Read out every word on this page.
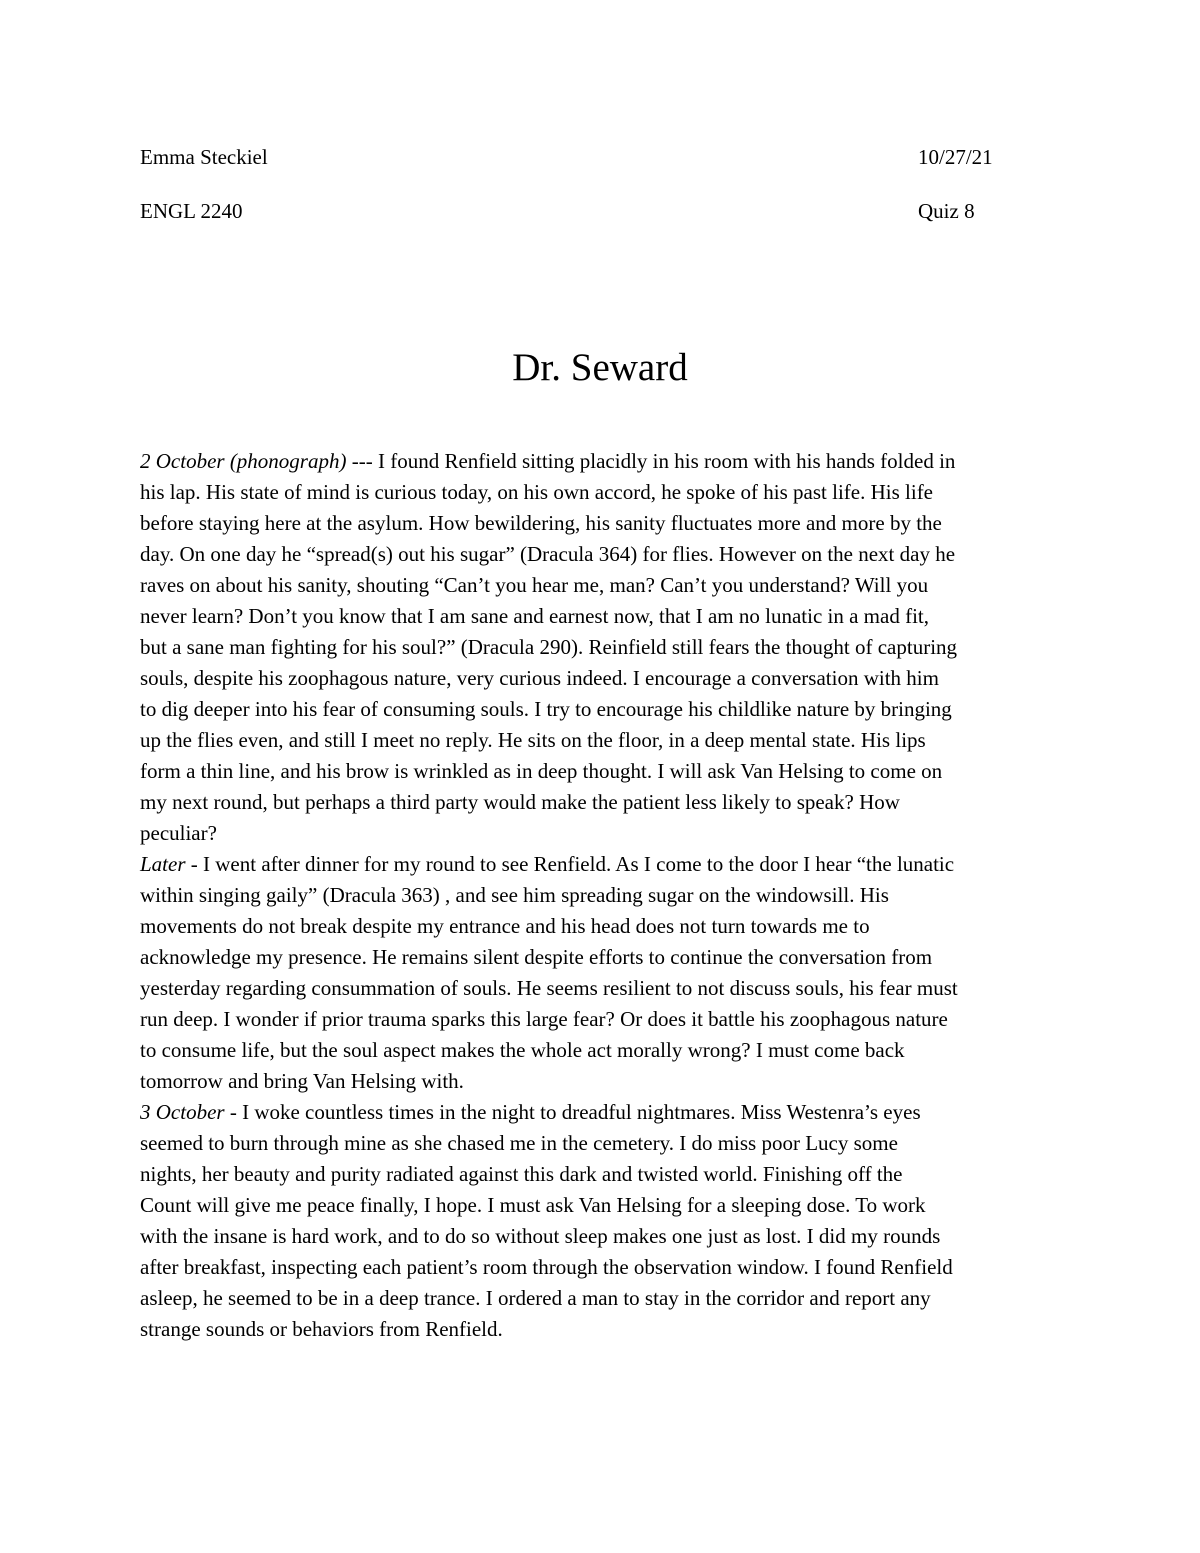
Emma Steckiel	10/27/21
ENGL 2240	Quiz 8
Dr. Seward
2 October (phonograph) --- I found Renfield sitting placidly in his room with his hands folded in
his lap. His state of mind is curious today, on his own accord, he spoke of his past life. His life
before staying here at the asylum. How bewildering, his sanity fluctuates more and more by the
day. On one day he “spread(s) out his sugar” (Dracula 364) for flies. However on the next day he
raves on about his sanity, shouting “Can’t you hear me, man? Can’t you understand? Will you
never learn? Don’t you know that I am sane and earnest now, that I am no lunatic in a mad fit,
but a sane man fighting for his soul?” (Dracula 290). Reinfield still fears the thought of capturing
souls, despite his zoophagous nature, very curious indeed. I encourage a conversation with him
to dig deeper into his fear of consuming souls. I try to encourage his childlike nature by bringing
up the flies even, and still I meet no reply. He sits on the floor, in a deep mental state. His lips
form a thin line, and his brow is wrinkled as in deep thought. I will ask Van Helsing to come on
my next round, but perhaps a third party would make the patient less likely to speak? How
peculiar?
Later - I went after dinner for my round to see Renfield. As I come to the door I hear “the lunatic
within singing gaily” (Dracula 363) , and see him spreading sugar on the windowsill. His
movements do not break despite my entrance and his head does not turn towards me to
acknowledge my presence. He remains silent despite efforts to continue the conversation from
yesterday regarding consummation of souls. He seems resilient to not discuss souls, his fear must
run deep. I wonder if prior trauma sparks this large fear? Or does it battle his zoophagous nature
to consume life, but the soul aspect makes the whole act morally wrong? I must come back
tomorrow and bring Van Helsing with.
3 October - I woke countless times in the night to dreadful nightmares. Miss Westenra’s eyes
seemed to burn through mine as she chased me in the cemetery. I do miss poor Lucy some
nights, her beauty and purity radiated against this dark and twisted world. Finishing off the
Count will give me peace finally, I hope. I must ask Van Helsing for a sleeping dose. To work
with the insane is hard work, and to do so without sleep makes one just as lost. I did my rounds
after breakfast, inspecting each patient’s room through the observation window. I found Renfield
asleep, he seemed to be in a deep trance. I ordered a man to stay in the corridor and report any
strange sounds or behaviors from Renfield.
